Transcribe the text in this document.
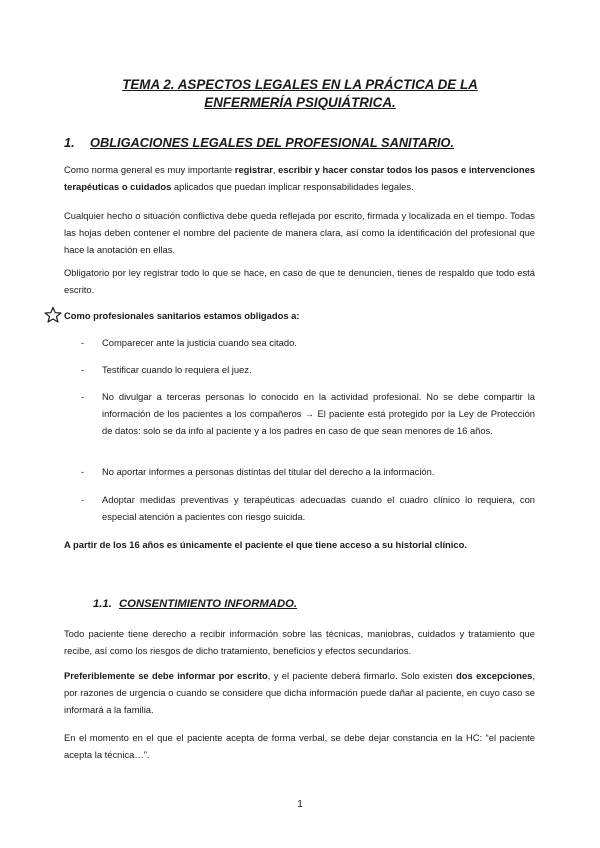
TEMA 2. ASPECTOS LEGALES EN LA PRÁCTICA DE LA
ENFERMERÍA PSIQUIÁTRICA.
1. OBLIGACIONES LEGALES DEL PROFESIONAL SANITARIO.
Como norma general es muy importante registrar, escribir y hacer constar todos los pasos e intervenciones terapéuticas o cuidados aplicados que puedan implicar responsabilidades legales.
Cualquier hecho o situación conflictiva debe queda reflejada por escrito, firmada y localizada en el tiempo. Todas las hojas deben contener el nombre del paciente de manera clara, así como la identificación del profesional que hace la anotación en ellas.
Obligatorio por ley registrar todo lo que se hace, en caso de que te denuncien, tienes de respaldo que todo está escrito.
Como profesionales sanitarios estamos obligados a:
- Comparecer ante la justicia cuando sea citado.
- Testificar cuando lo requiera el juez.
- No divulgar a terceras personas lo conocido en la actividad profesional. No se debe compartir la información de los pacientes a los compañeros → El paciente está protegido por la Ley de Protección de datos: solo se da info al paciente y a los padres en caso de que sean menores de 16 años.
- No aportar informes a personas distintas del titular del derecho a la información.
- Adoptar medidas preventivas y terapéuticas adecuadas cuando el cuadro clínico lo requiera, con especial atención a pacientes con riesgo suicida.
A partir de los 16 años es únicamente el paciente el que tiene acceso a su historial clínico.
1.1. CONSENTIMIENTO INFORMADO.
Todo paciente tiene derecho a recibir información sobre las técnicas, maniobras, cuidados y tratamiento que recibe, así como los riesgos de dicho tratamiento, beneficios y efectos secundarios.
Preferiblemente se debe informar por escrito, y el paciente deberá firmarlo. Solo existen dos excepciones, por razones de urgencia o cuando se considere que dicha información puede dañar al paciente, en cuyo caso se informará a la familia.
En el momento en el que el paciente acepta de forma verbal, se debe dejar constancia en la HC: “el paciente acepta la técnica…”.
1
